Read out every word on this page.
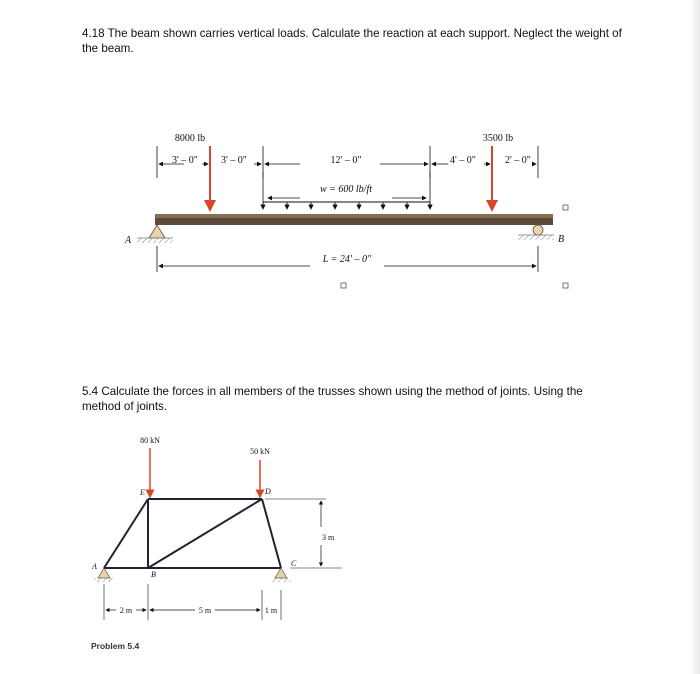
4.18 The beam shown carries vertical loads. Calculate the reaction at each support. Neglect the weight of the beam.

5.4 Calculate the forces in all members of the trusses shown using the method of joints. Using the method of joints.

8000 lb	3500 lb
3' – 0" 3' – 0"	12' – 0"	4' – 0"	2' – 0"
w = 600 lb/ft
A	B
L = 24' – 0"
80 kN
50 kN
A
B
C
D
E
3 m
2 m	5 m	1 m
Problem 5.4
